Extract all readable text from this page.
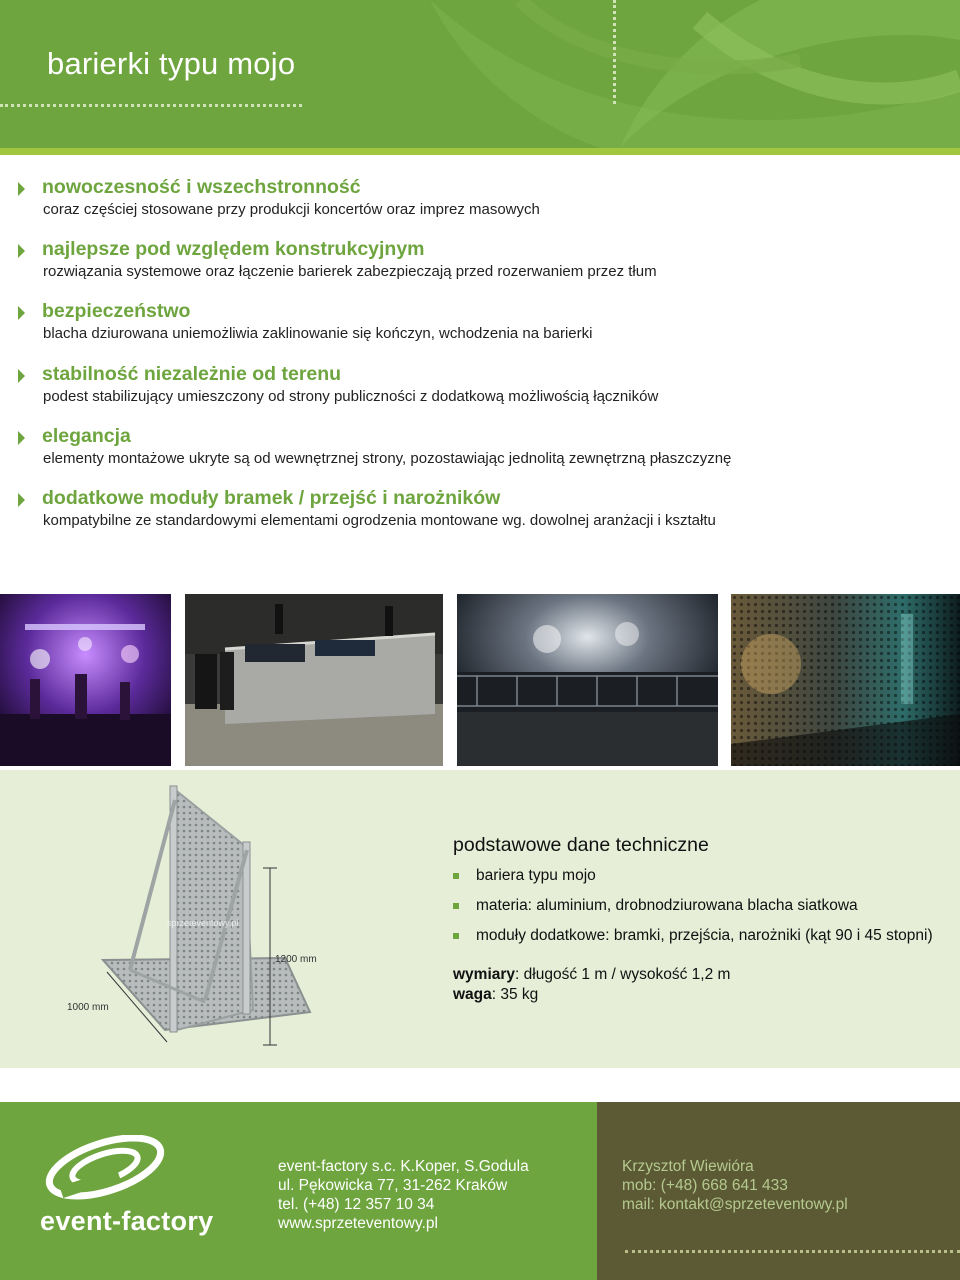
barierki typu mojo
nowoczesność i wszechstronność
coraz częściej stosowane przy produkcji koncertów oraz imprez masowych
najlepsze pod względem konstrukcyjnym
rozwiązania systemowe oraz łączenie barierek zabezpieczają przed rozerwaniem przez tłum
bezpieczeństwo
blacha dziurowana uniemożliwia zaklinowanie się kończyn, wchodzenia na barierki
stabilność niezależnie od terenu
podest stabilizujący umieszczony od strony publiczności z dodatkową możliwością łączników
elegancja
elementy montażowe ukryte są od wewnętrznej strony, pozostawiając jednolitą zewnętrzną płaszczyznę
dodatkowe moduły bramek / przejść i narożników
kompatybilne ze standardowymi elementami ogrodzenia montowane wg. dowolnej aranżacji i kształtu
1200 mm
1000 mm
sprzeteventowy.pl
podstawowe dane techniczne
bariera typu mojo
materia: aluminium, drobnodziurowana blacha siatkowa
moduły dodatkowe: bramki, przejścia, narożniki (kąt 90 i 45 stopni)
wymiary: długość 1 m / wysokość 1,2 m
waga: 35 kg
event-factory
event-factory s.c. K.Koper, S.Godula
ul. Pękowicka 77, 31-262 Kraków
tel. (+48) 12 357 10 34
www.sprzeteventowy.pl
Krzysztof Wiewióra
mob: (+48) 668 641 433
mail: kontakt@sprzeteventowy.pl
